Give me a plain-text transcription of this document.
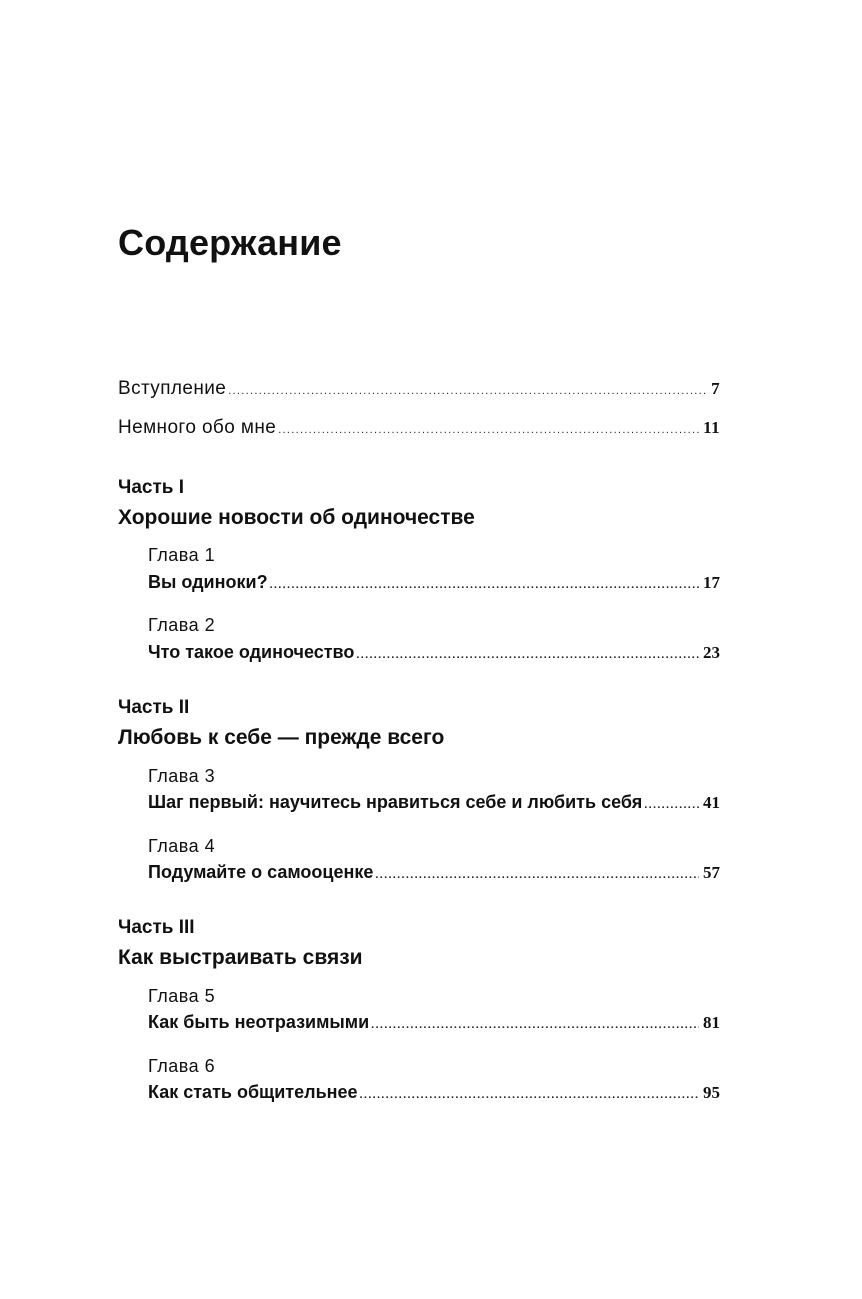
Содержание
Вступление .....	7
Немного обо мне .....	11
Часть I
Хорошие новости об одиночестве
Глава 1
Вы одиноки? .....	17
Глава 2
Что такое одиночество .....	23
Часть II
Любовь к себе — прежде всего
Глава 3
Шаг первый: научитесь нравиться себе и любить себя .....	41
Глава 4
Подумайте о самооценке .....	57
Часть III
Как выстраивать связи
Глава 5
Как быть неотразимыми .....	81
Глава 6
Как стать общительнее .....	95
